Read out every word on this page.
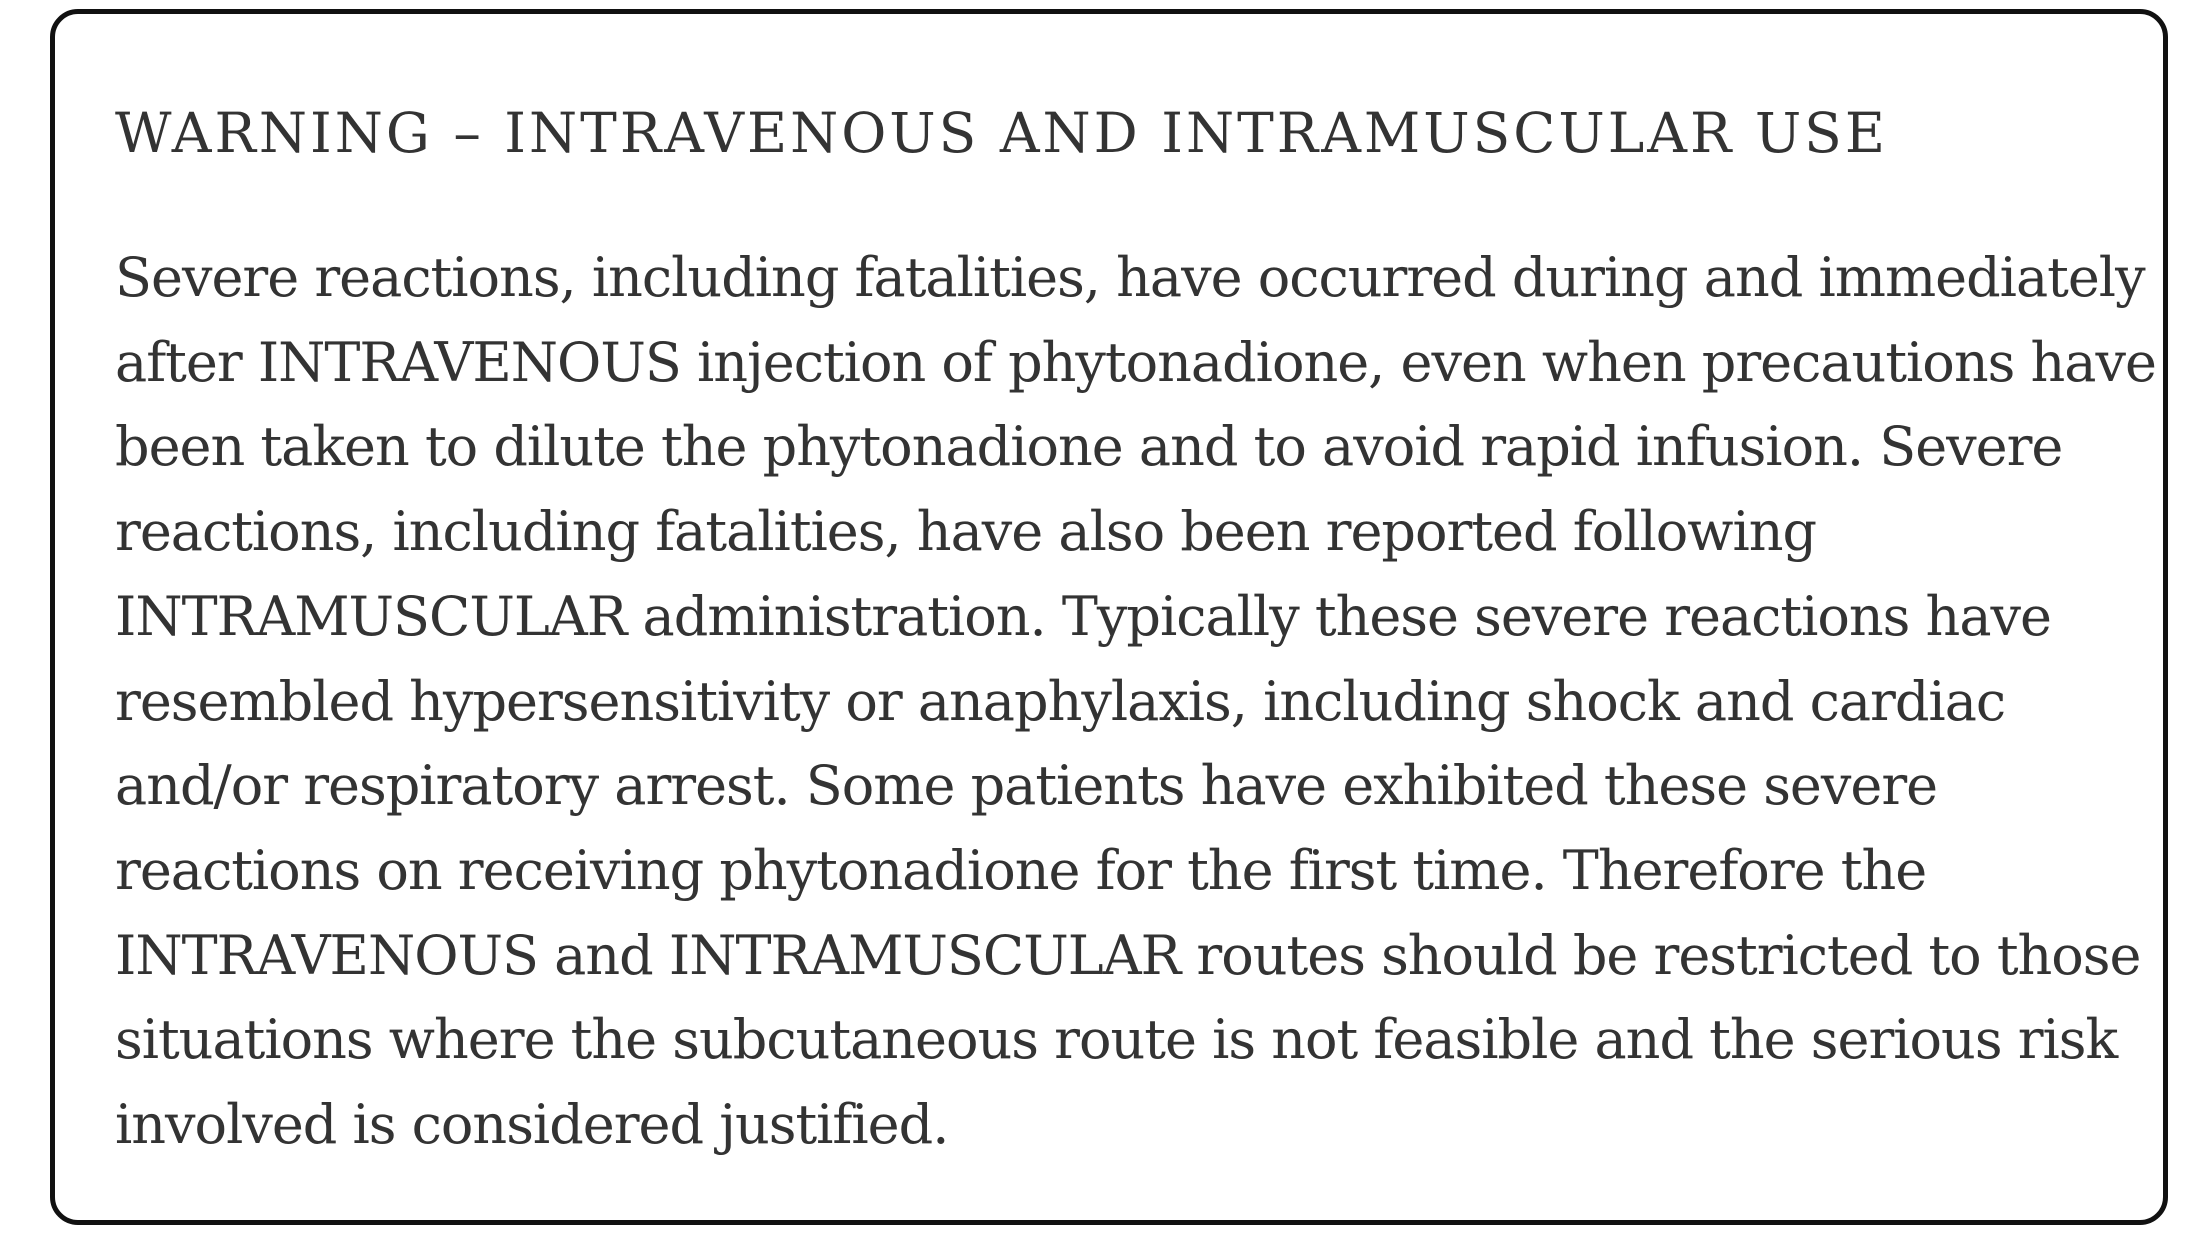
WARNING – INTRAVENOUS AND INTRAMUSCULAR USE
Severe reactions, including fatalities, have occurred during and immediately
after INTRAVENOUS injection of phytonadione, even when precautions have
been taken to dilute the phytonadione and to avoid rapid infusion. Severe
reactions, including fatalities, have also been reported following
INTRAMUSCULAR administration. Typically these severe reactions have
resembled hypersensitivity or anaphylaxis, including shock and cardiac
and/or respiratory arrest. Some patients have exhibited these severe
reactions on receiving phytonadione for the first time. Therefore the
INTRAVENOUS and INTRAMUSCULAR routes should be restricted to those
situations where the subcutaneous route is not feasible and the serious risk
involved is considered justified.
